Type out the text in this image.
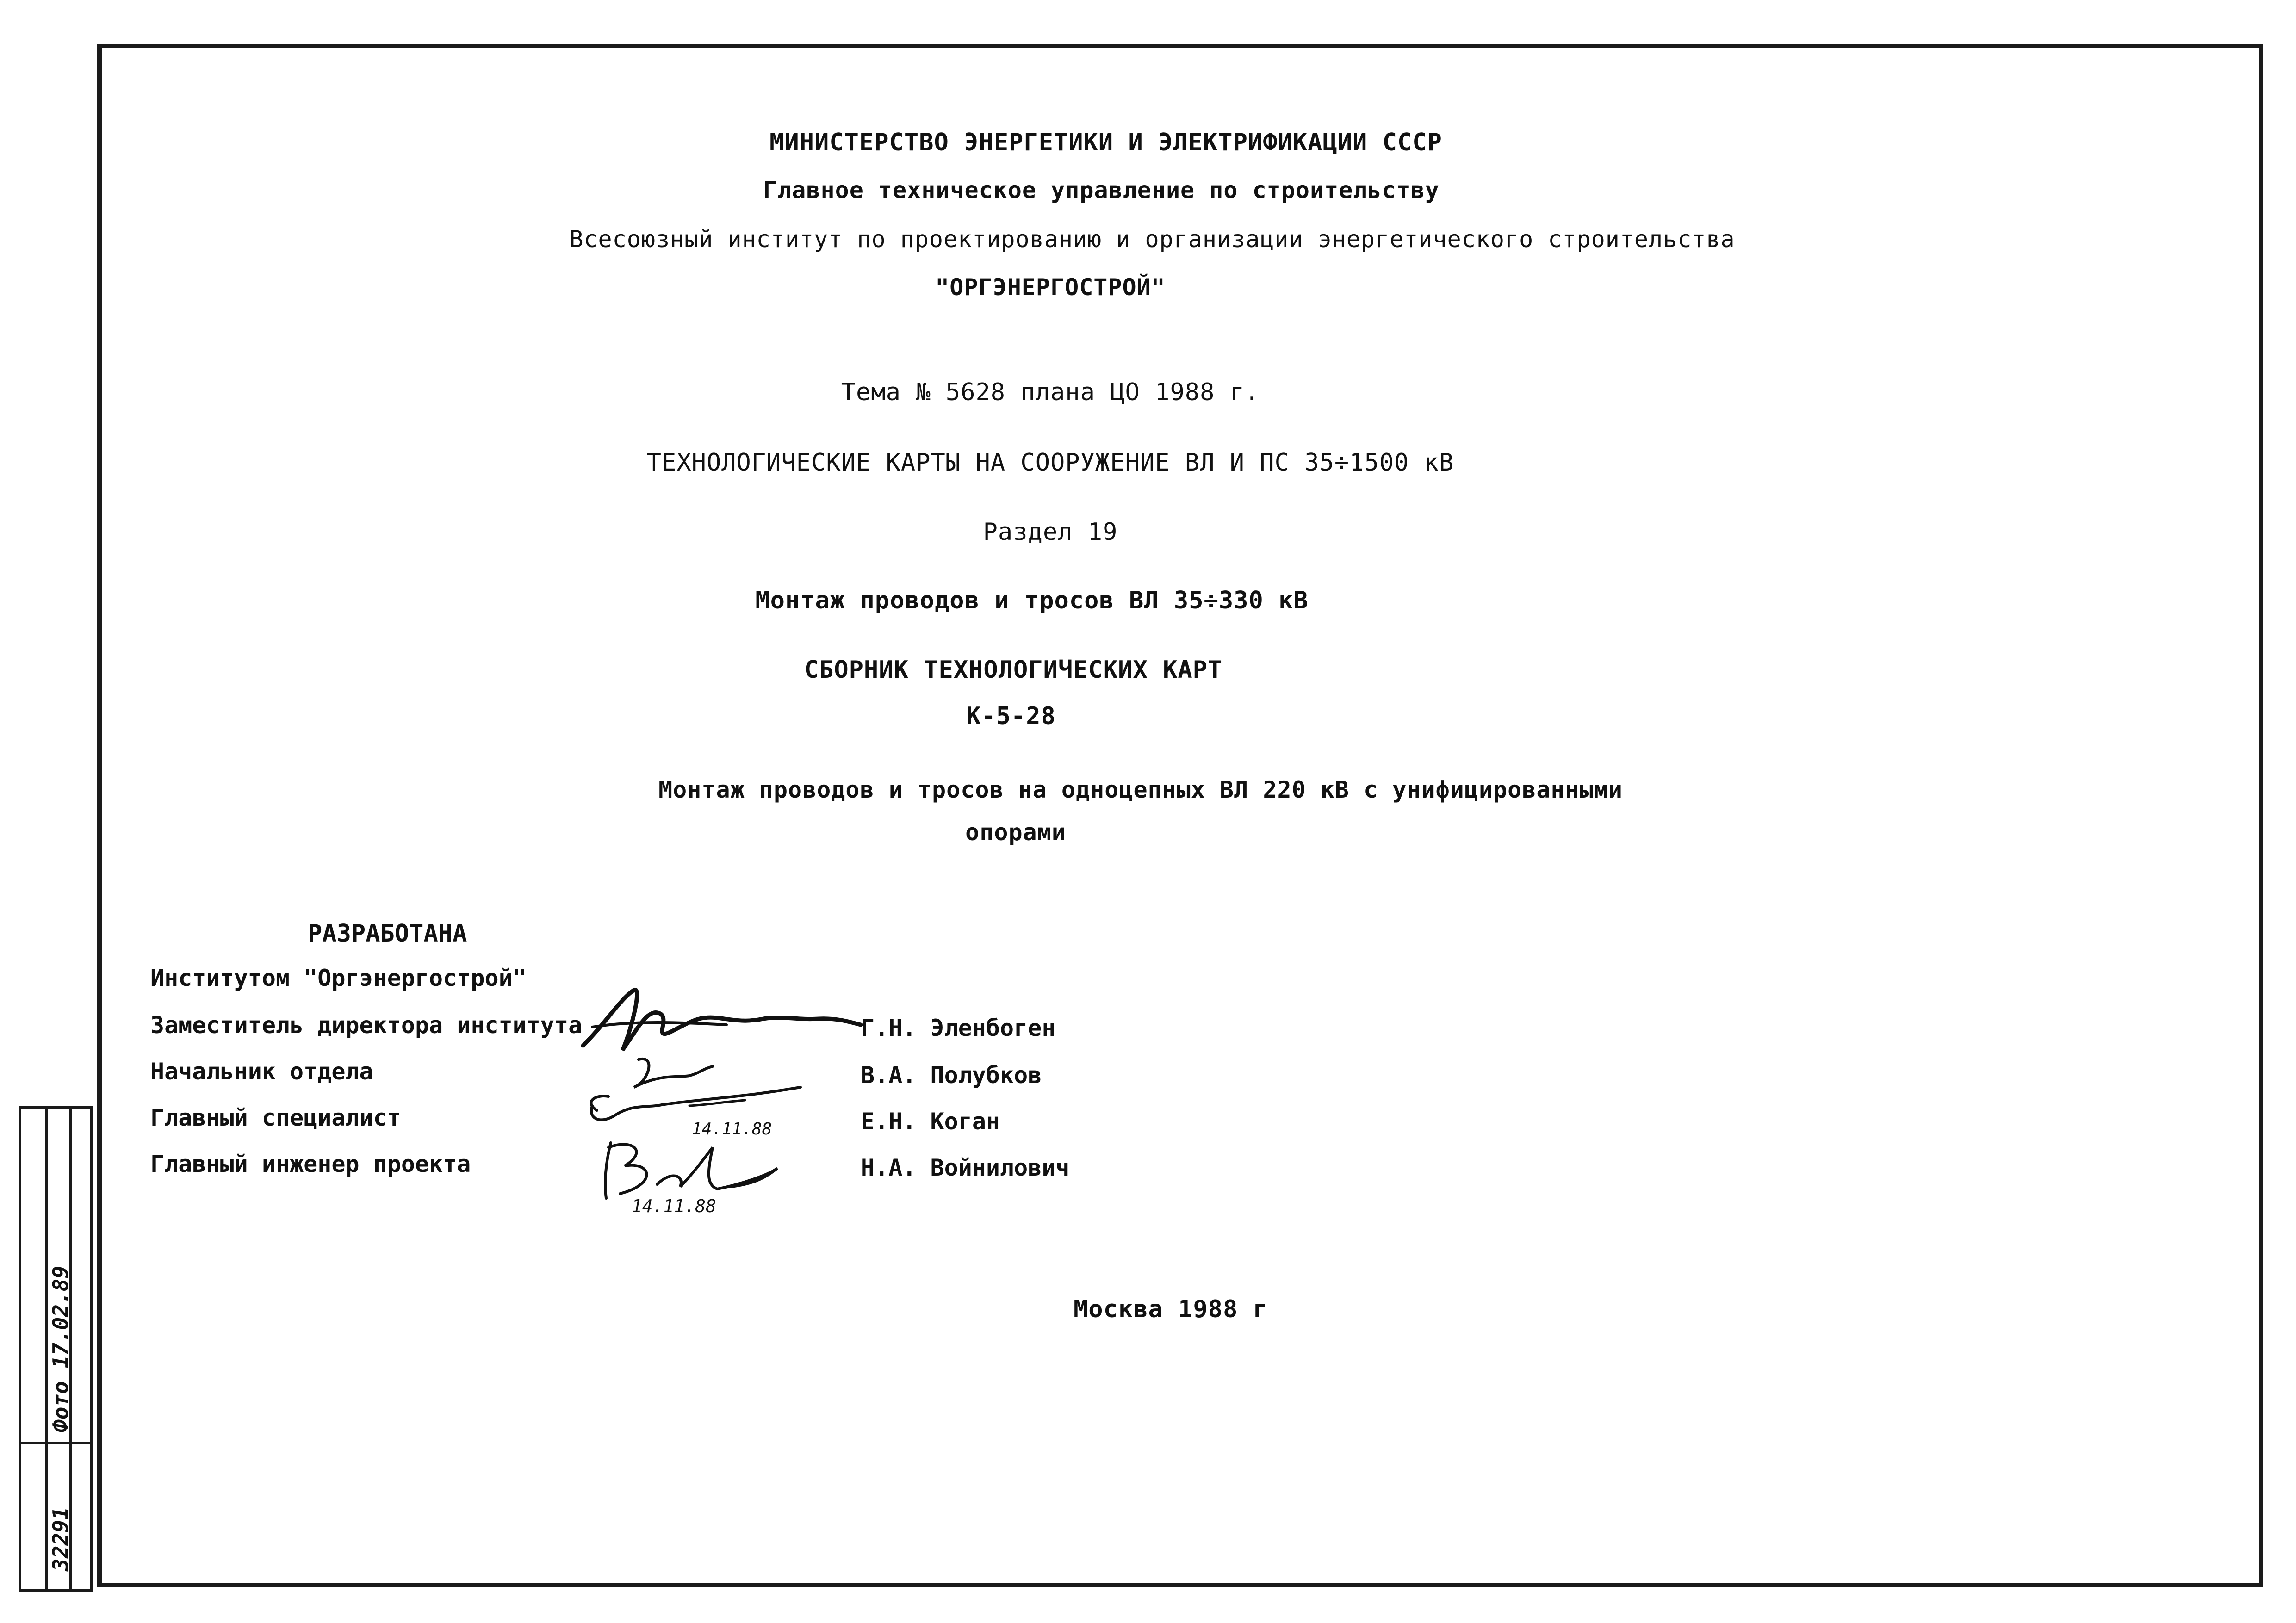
МИНИСТЕРСТВО ЭНЕРГЕТИКИ И ЭЛЕКТРИФИКАЦИИ СССР
Главное техническое управление по строительству
Всесоюзный институт по проектированию и организации энергетического строительства
"ОРГЭНЕРГОСТРОЙ"
Тема № 5628 плана ЦО 1988 г.
ТЕХНОЛОГИЧЕСКИЕ КАРТЫ НА СООРУЖЕНИЕ ВЛ И ПС 35÷1500 кВ
Раздел 19
Монтаж проводов и тросов ВЛ 35÷330 кВ
СБОРНИК ТЕХНОЛОГИЧЕСКИХ КАРТ
К-5-28
Монтаж проводов и тросов на одноцепных ВЛ 220 кВ с унифицированными
опорами
РАЗРАБОТАНА
Институтом "Оргэнергострой"
Заместитель директора института	Г.Н. Эленбоген
Начальник отдела	В.А. Полубков
Главный специалист	Е.Н. Коган
Главный инженер проекта	Н.А. Войнилович
14.11.88
14.11.88
Москва 1988 г
32291
Фото 17.02.89
